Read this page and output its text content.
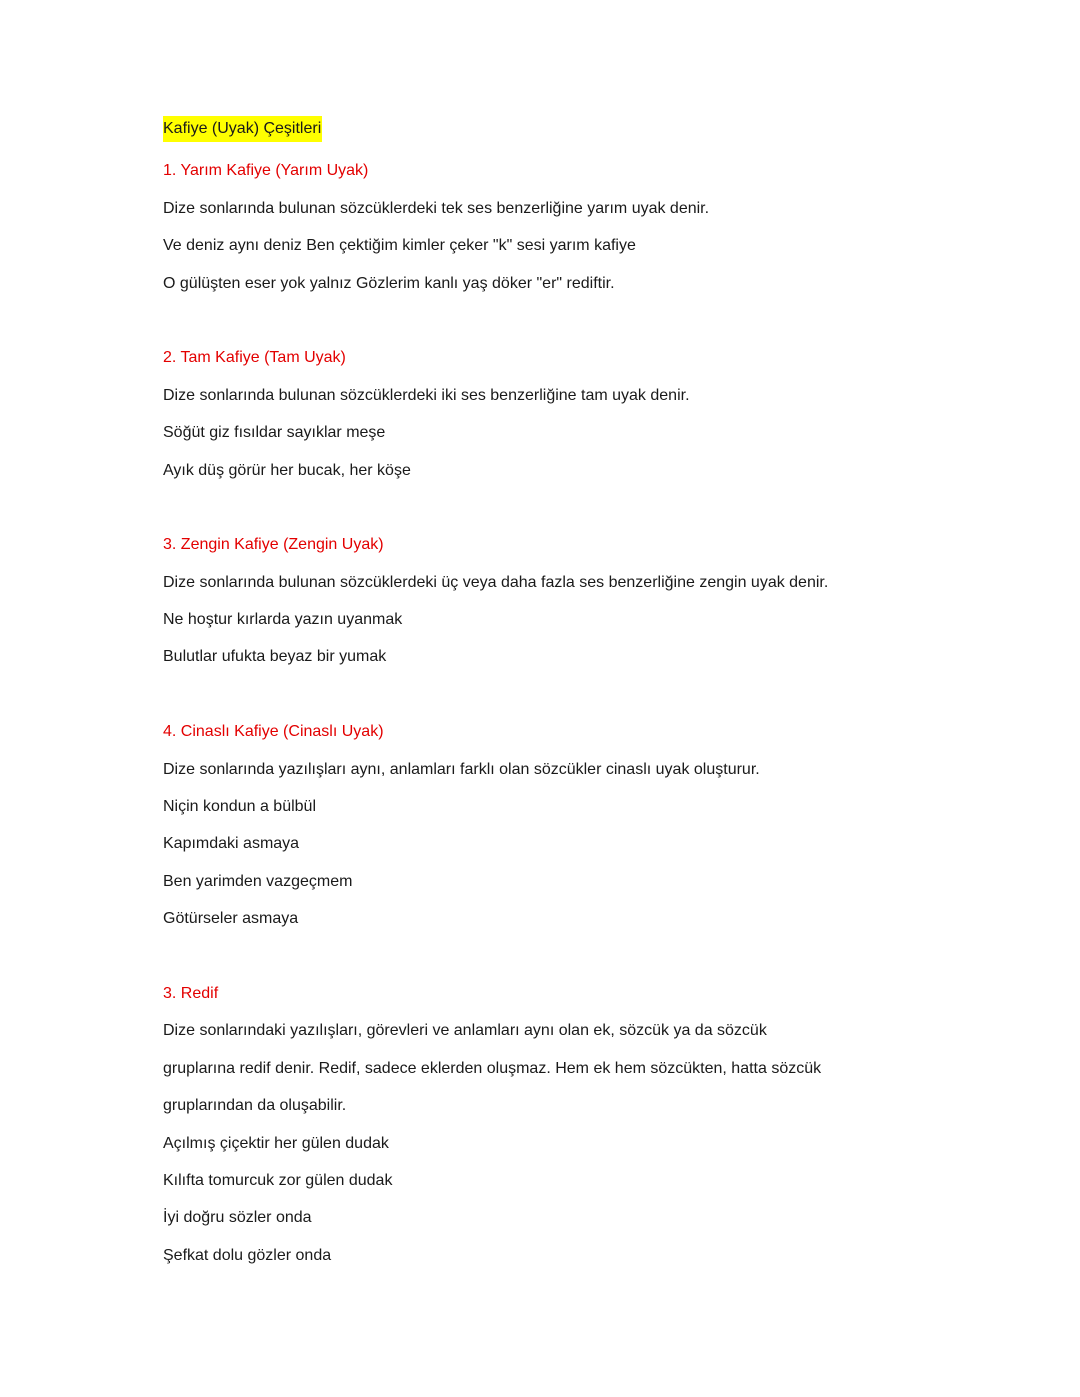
Kafiye (Uyak) Çeşitleri
1. Yarım Kafiye (Yarım Uyak)
Dize sonlarında bulunan sözcüklerdeki tek ses benzerliğine yarım uyak denir.
Ve deniz aynı deniz Ben çektiğim kimler çeker "k" sesi yarım kafiye
O gülüşten eser yok yalnız Gözlerim kanlı yaş döker "er" rediftir.
2. Tam Kafiye (Tam Uyak)
Dize sonlarında bulunan sözcüklerdeki iki ses benzerliğine tam uyak denir.
Söğüt giz fısıldar sayıklar meşe
Ayık düş görür her bucak, her köşe
3. Zengin Kafiye (Zengin Uyak)
Dize sonlarında bulunan sözcüklerdeki üç veya daha fazla ses benzerliğine zengin uyak denir.
Ne hoştur kırlarda yazın uyanmak
Bulutlar ufukta beyaz bir yumak
4. Cinaslı Kafiye (Cinaslı Uyak)
Dize sonlarında yazılışları aynı, anlamları farklı olan sözcükler cinaslı uyak oluşturur.
Niçin kondun a bülbül
Kapımdaki asmaya
Ben yarimden vazgeçmem
Götürseler asmaya
3. Redif
Dize sonlarındaki yazılışları, görevleri ve anlamları aynı olan ek, sözcük ya da sözcük
gruplarına redif denir. Redif, sadece eklerden oluşmaz. Hem ek hem sözcükten, hatta sözcük
gruplarından da oluşabilir.
Açılmış çiçektir her gülen dudak
Kılıfta tomurcuk zor gülen dudak
İyi doğru sözler onda
Şefkat dolu gözler onda
